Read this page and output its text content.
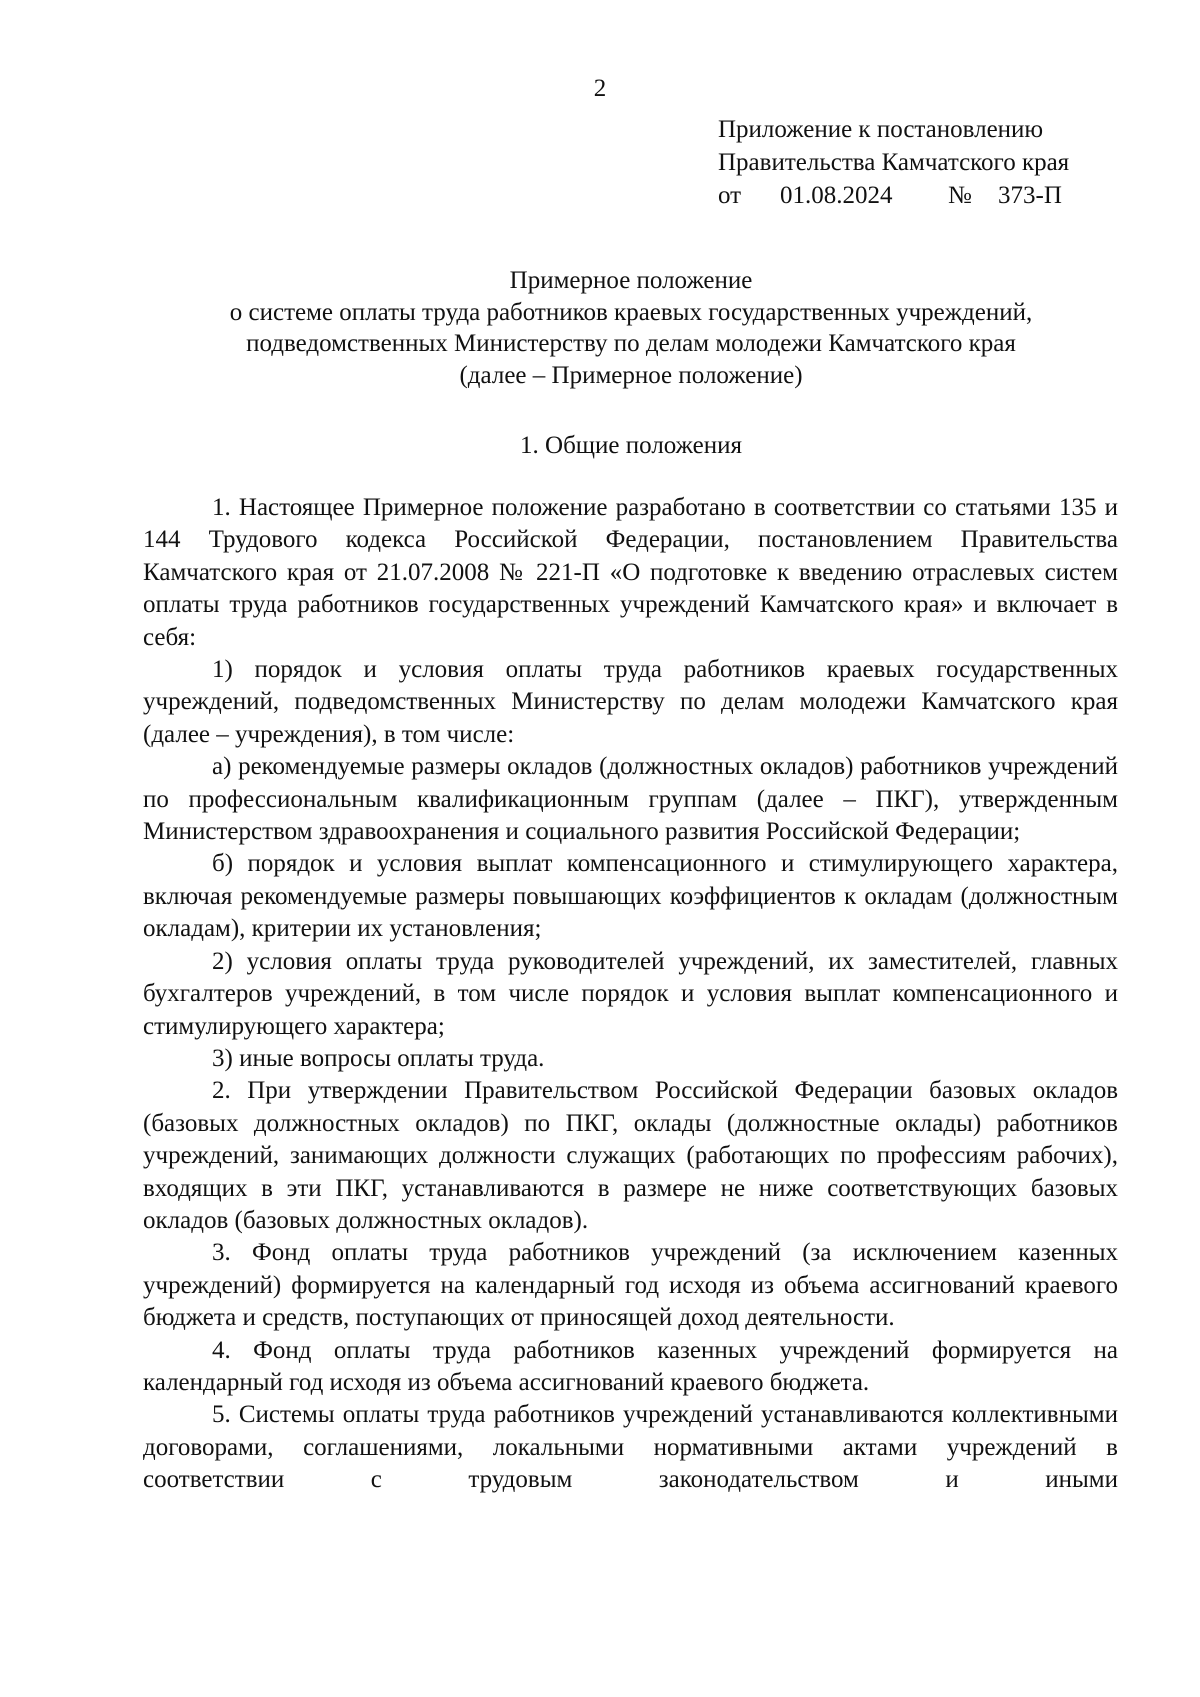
2
Приложение к постановлению
Правительства Камчатского края
от 01.08.2024 № 373-П
Примерное положение
о системе оплаты труда работников краевых государственных учреждений,
подведомственных Министерству по делам молодежи Камчатского края
(далее – Примерное положение)
1. Общие положения

1. Настоящее Примерное положение разработано в соответствии со статьями 135 и 144 Трудового кодекса Российской Федерации, постановлением Правительства Камчатского края от 21.07.2008 № 221-П «О подготовке к введению отраслевых систем оплаты труда работников государственных учреждений Камчатского края» и включает в себя:

1) порядок и условия оплаты труда работников краевых государственных учреждений, подведомственных Министерству по делам молодежи Камчатского края (далее – учреждения), в том числе:

а) рекомендуемые размеры окладов (должностных окладов) работников учреждений по профессиональным квалификационным группам (далее – ПКГ), утвержденным Министерством здравоохранения и социального развития Российской Федерации;

б) порядок и условия выплат компенсационного и стимулирующего характера, включая рекомендуемые размеры повышающих коэффициентов к окладам (должностным окладам), критерии их установления;

2) условия оплаты труда руководителей учреждений, их заместителей, главных бухгалтеров учреждений, в том числе порядок и условия выплат компенсационного и стимулирующего характера;

3) иные вопросы оплаты труда.

2. При утверждении Правительством Российской Федерации базовых окладов (базовых должностных окладов) по ПКГ, оклады (должностные оклады) работников учреждений, занимающих должности служащих (работающих по профессиям рабочих), входящих в эти ПКГ, устанавливаются в размере не ниже соответствующих базовых окладов (базовых должностных окладов).

3. Фонд оплаты труда работников учреждений (за исключением казенных учреждений) формируется на календарный год исходя из объема ассигнований краевого бюджета и средств, поступающих от приносящей доход деятельности.

4. Фонд оплаты труда работников казенных учреждений формируется на календарный год исходя из объема ассигнований краевого бюджета.

5. Системы оплаты труда работников учреждений устанавливаются коллективными договорами, соглашениями, локальными нормативными актами учреждений в соответствии с трудовым законодательством и иными
